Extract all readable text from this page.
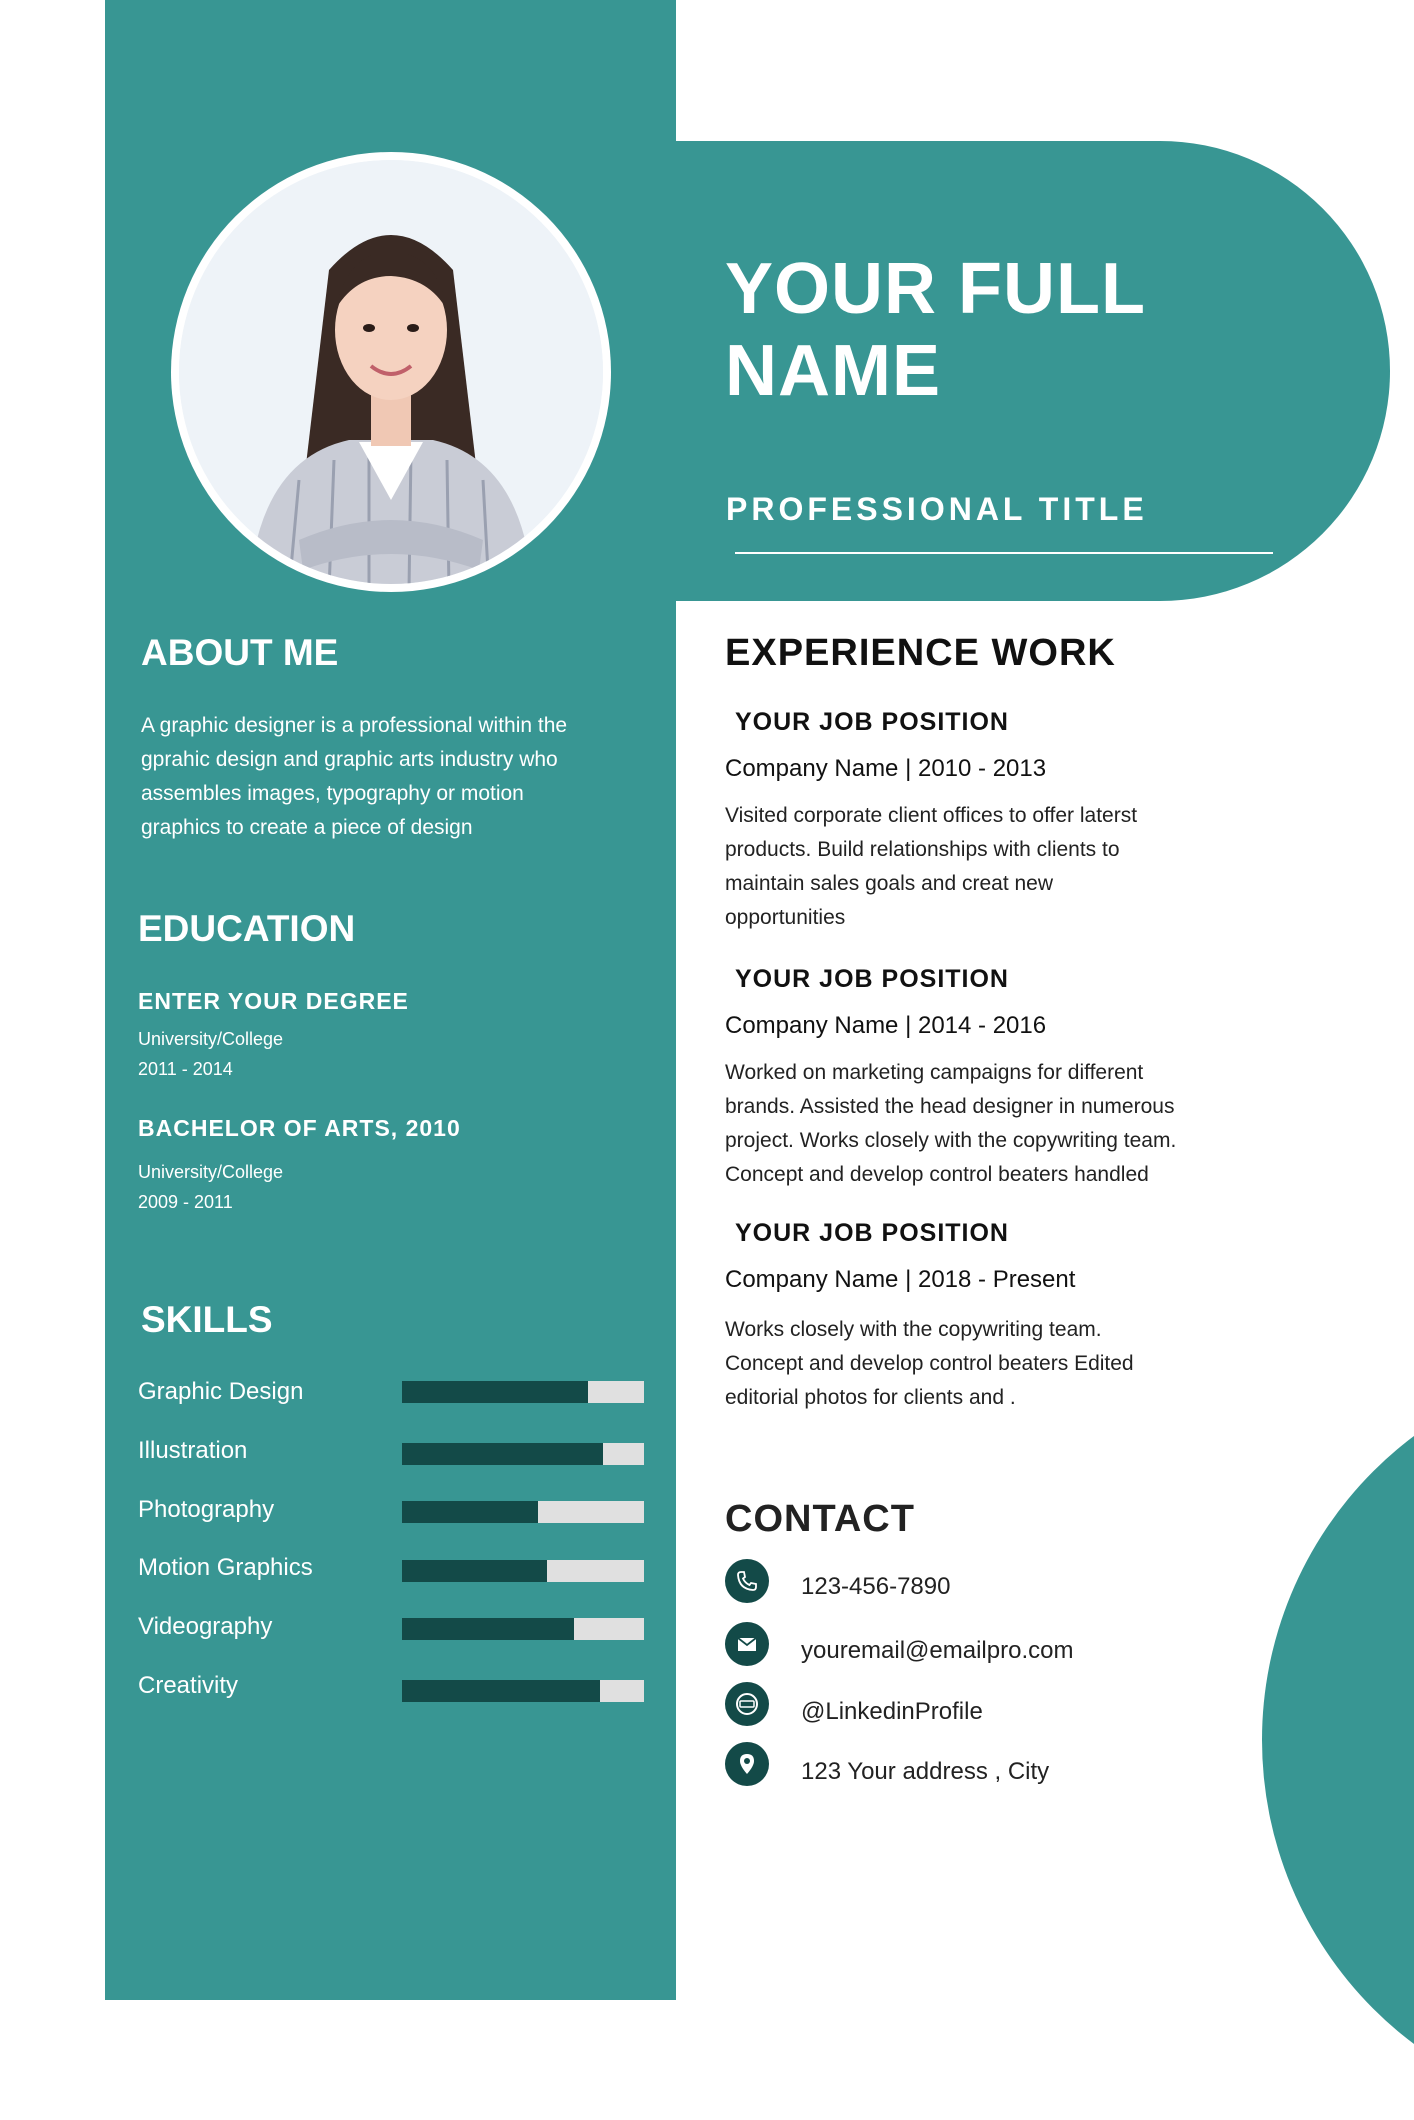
YOUR FULL
NAME
PROFESSIONAL TITLE
ABOUT ME
A graphic designer is a professional within the
gprahic design and graphic arts industry who
assembles images, typography or motion
graphics to create a piece of design
EDUCATION
ENTER YOUR DEGREE
University/College
2011 - 2014
BACHELOR OF ARTS, 2010
University/College
2009 - 2011
SKILLS
Graphic Design
Illustration
Photography
Motion Graphics
Videography
Creativity
EXPERIENCE WORK
YOUR JOB POSITION
Company Name | 2010 - 2013
Visited corporate client offices to offer laterst
products. Build relationships with clients to
maintain sales goals and creat new
opportunities
YOUR JOB POSITION
Company Name | 2014 - 2016
Worked on marketing campaigns for different
brands. Assisted the head designer in numerous
project. Works closely with the copywriting team.
Concept and develop control beaters handled
YOUR JOB POSITION
Company Name | 2018 - Present
Works closely with the copywriting team.
Concept and develop control beaters Edited
editorial photos for clients and .
CONTACT
123-456-7890
youremail@emailpro.com
@LinkedinProfile
123 Your address , City
